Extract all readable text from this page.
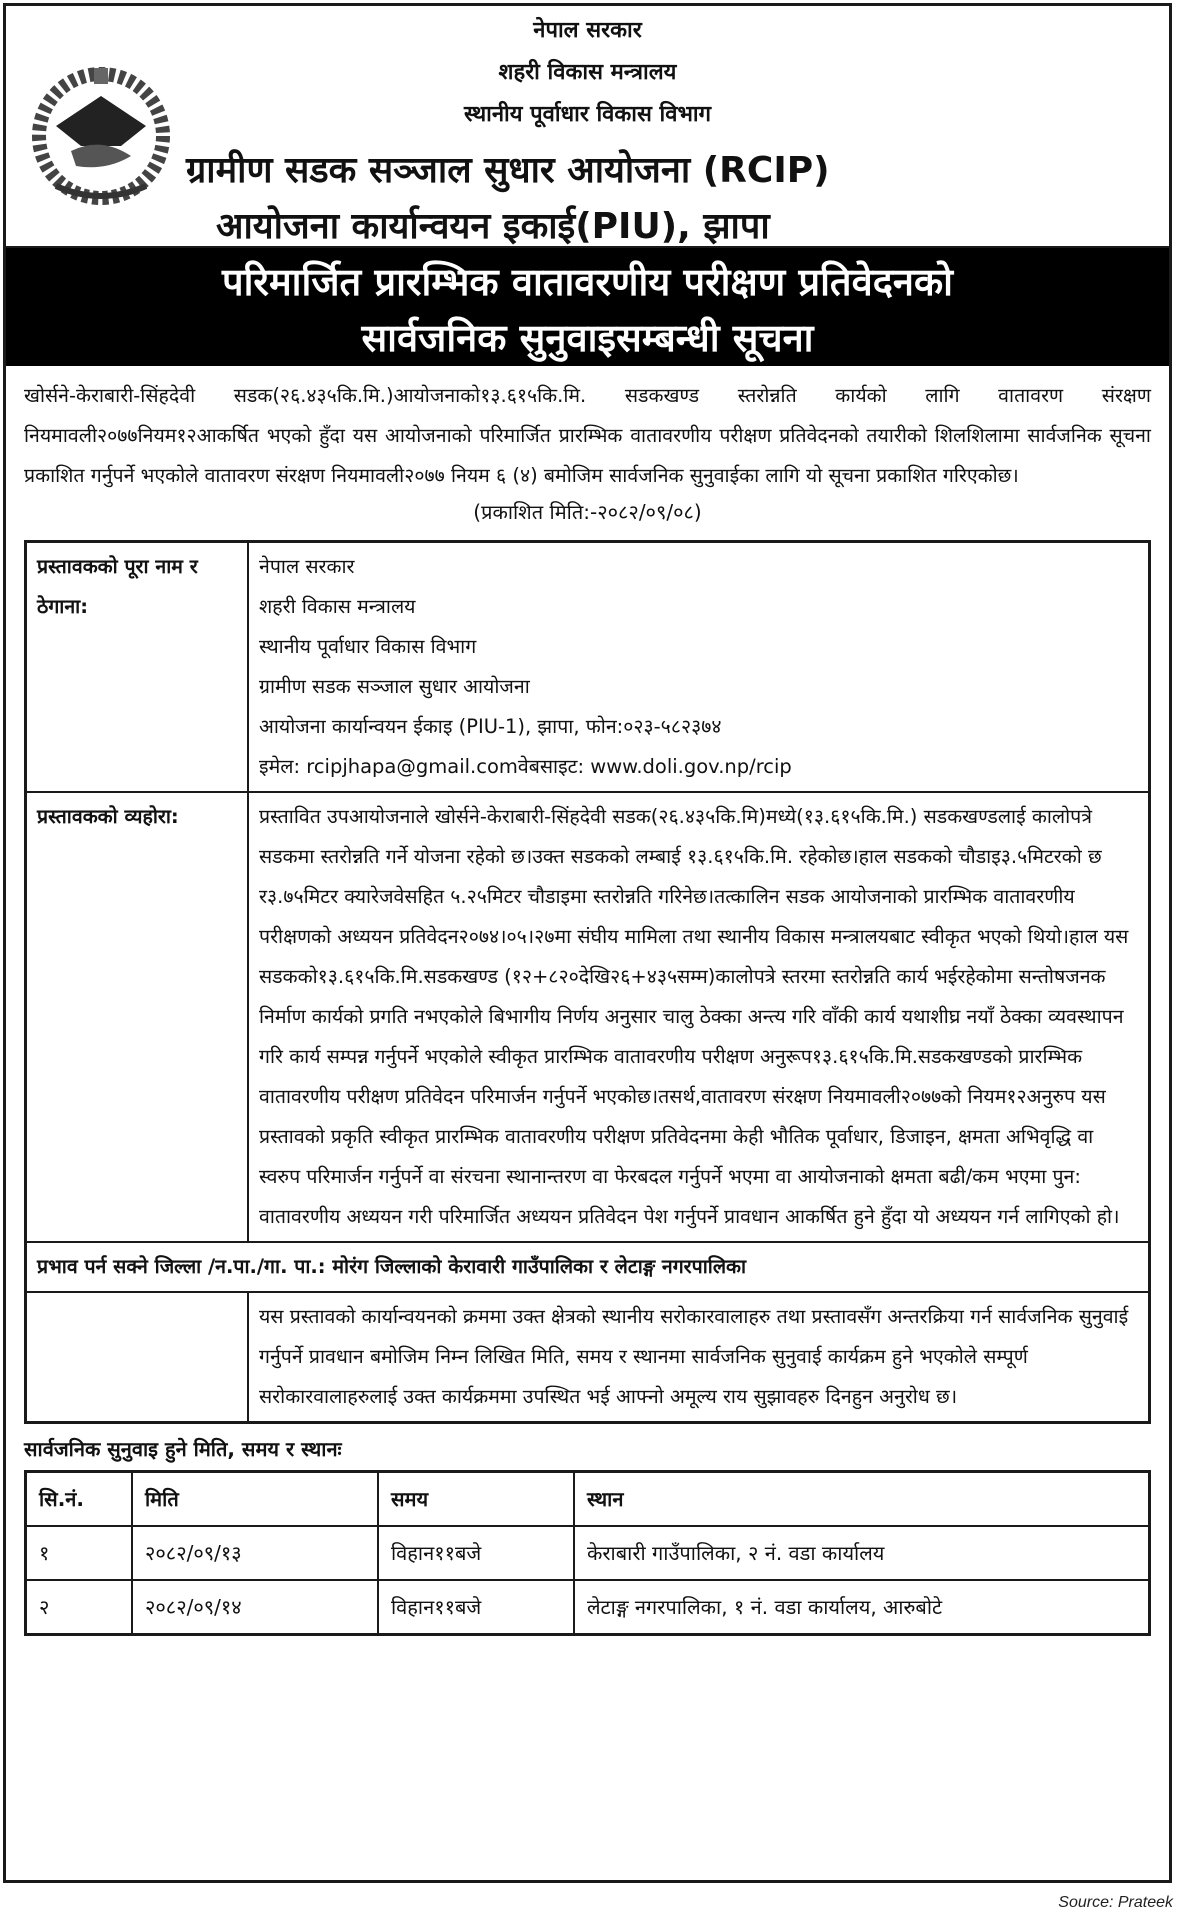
नेपाल सरकार
शहरी विकास मन्त्रालय
स्थानीय पूर्वाधार विकास विभाग
ग्रामीण सडक सञ्जाल सुधार आयोजना (RCIP)
आयोजना कार्यान्वयन इकाई(PIU), झापा
परिमार्जित प्रारम्भिक वातावरणीय परीक्षण प्रतिवेदनको
सार्वजनिक सुनुवाइसम्बन्धी सूचना
खोर्सने-केराबारी-सिंहदेवी सडक(२६.४३५कि.मि.)आयोजनाको१३.६१५कि.मि. सडकखण्ड स्तरोन्नति कार्यको लागि वातावरण संरक्षण नियमावली२०७७नियम१२आकर्षित भएको हुँदा यस आयोजनाको परिमार्जित प्रारम्भिक वातावरणीय परीक्षण प्रतिवेदनको तयारीको शिलशिलामा सार्वजनिक सूचना प्रकाशित गर्नुपर्ने भएकोले वातावरण संरक्षण नियमावली२०७७ नियम ६ (४) बमोजिम सार्वजनिक सुनुवाईका लागि यो सूचना प्रकाशित गरिएकोछ।
(प्रकाशित मिति:-२०८२/०९/०८)
प्रस्तावकको पूरा नाम र ठेगाना:	
नेपाल सरकार
शहरी विकास मन्त्रालय
स्थानीय पूर्वाधार विकास विभाग
ग्रामीण सडक सञ्जाल सुधार आयोजना
आयोजना कार्यान्वयन ईकाइ (PIU-1), झापा, फोन:०२३-५८२३७४
इमेल: rcipjhapa@gmail.comवेबसाइट: www.doli.gov.np/rcip

प्रस्तावकको व्यहोरा:	प्रस्तावित उपआयोजनाले खोर्सने-केराबारी-सिंहदेवी सडक(२६.४३५कि.मि)मध्ये(१३.६१५कि.मि.) सडकखण्डलाई कालोपत्रे सडकमा स्तरोन्नति गर्ने योजना रहेको छ।उक्त सडकको लम्बाई १३.६१५कि.मि. रहेकोछ।हाल सडकको चौडाइ३.५मिटरको छ र३.७५मिटर क्यारेजवेसहित ५.२५मिटर चौडाइमा स्तरोन्नति गरिनेछ।तत्कालिन सडक आयोजनाको प्रारम्भिक वातावरणीय परीक्षणको अध्ययन प्रतिवेदन२०७४।०५।२७मा संघीय मामिला तथा स्थानीय विकास मन्त्रालयबाट स्वीकृत भएको थियो।हाल यस सडकको१३.६१५कि.मि.सडकखण्ड (१२+८२०देखि२६+४३५सम्म)कालोपत्रे स्तरमा स्तरोन्नति कार्य भईरहेकोमा सन्तोषजनक निर्माण कार्यको प्रगति नभएकोले बिभागीय निर्णय अनुसार चालु ठेक्का अन्त्य गरि वाँकी कार्य यथाशीघ्र नयाँ ठेक्का व्यवस्थापन गरि कार्य सम्पन्न गर्नुपर्ने भएकोले स्वीकृत प्रारम्भिक वातावरणीय परीक्षण अनुरूप१३.६१५कि.मि.सडकखण्डको प्रारम्भिक वातावरणीय परीक्षण प्रतिवेदन परिमार्जन गर्नुपर्ने भएकोछ।तसर्थ,वातावरण संरक्षण नियमावली२०७७को नियम१२अनुरुप यस प्रस्तावको प्रकृति स्वीकृत प्रारम्भिक वातावरणीय परीक्षण प्रतिवेदनमा केही भौतिक पूर्वाधार, डिजाइन, क्षमता अभिवृद्धि वा स्वरुप परिमार्जन गर्नुपर्ने वा संरचना स्थानान्तरण वा फेरबदल गर्नुपर्ने भएमा वा आयोजनाको क्षमता बढी/कम भएमा पुन: वातावरणीय अध्ययन गरी परिमार्जित अध्ययन प्रतिवेदन पेश गर्नुपर्ने प्रावधान आकर्षित हुने हुँदा यो अध्ययन गर्न लागिएको हो।
प्रभाव पर्न सक्ने जिल्ला /न.पा./गा. पा.: मोरंग जिल्लाको केरावारी गाउँपालिका र लेटाङ्ग नगरपालिका	
	यस प्रस्तावको कार्यान्वयनको क्रममा उक्त क्षेत्रको स्थानीय सरोकारवालाहरु तथा प्रस्तावसँग अन्तरक्रिया गर्न सार्वजनिक सुनुवाई गर्नुपर्ने प्रावधान बमोजिम निम्न लिखित मिति, समय र स्थानमा सार्वजनिक सुनुवाई कार्यक्रम हुने भएकोले सम्पूर्ण सरोकारवालाहरुलाई उक्त कार्यक्रममा उपस्थित भई आफ्नो अमूल्य राय सुझावहरु दिनहुन अनुरोध छ।
सार्वजनिक सुनुवाइ हुने मिति, समय र स्थानः
सि.नं.	मिति	समय	स्थान
१	२०८२/०९/१३	विहान११बजे	केराबारी गाउँपालिका, २ नं. वडा कार्यालय
२	२०८२/०९/१४	विहान११बजे	लेटाङ्ग नगरपालिका, १ नं. वडा कार्यालय, आरुबोटे
Source: Prateek
